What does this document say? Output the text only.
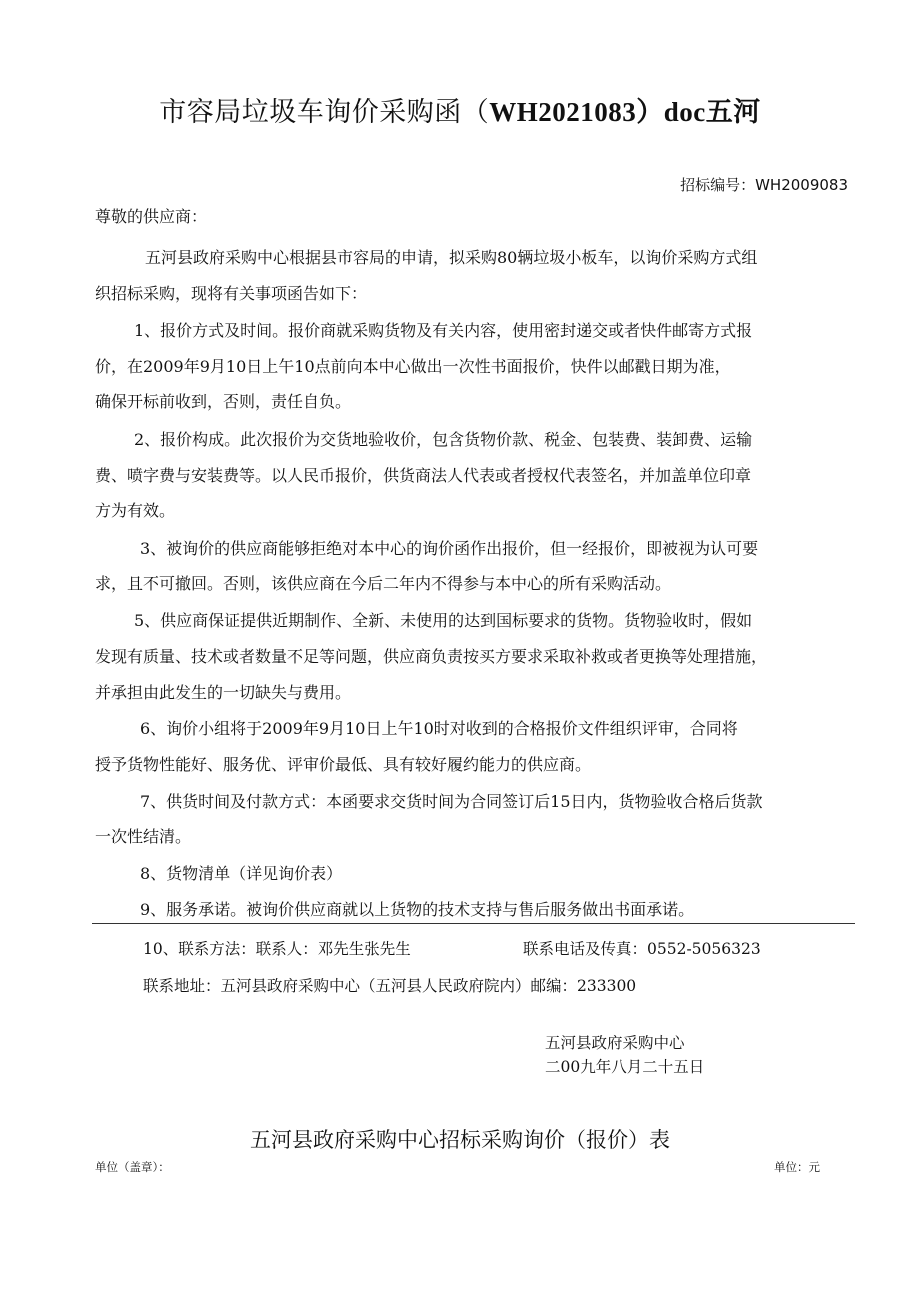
市容局垃圾车询价采购函（WH2021083）doc五河
招标编号：WH2009083
尊敬的供应商：
五河县政府采购中心根据县市容局的申请，拟采购80辆垃圾小板车，以询价采购方式组
织招标采购，现将有关事项函告如下：
1、报价方式及时间。报价商就采购货物及有关内容，使用密封递交或者快件邮寄方式报
价，在2009年9月10日上午10点前向本中心做出一次性书面报价，快件以邮戳日期为准，
确保开标前收到，否则，责任自负。
2、报价构成。此次报价为交货地验收价，包含货物价款、税金、包装费、装卸费、运输
费、喷字费与安装费等。以人民币报价，供货商法人代表或者授权代表签名，并加盖单位印章
方为有效。
3、被询价的供应商能够拒绝对本中心的询价函作出报价，但一经报价，即被视为认可要
求，且不可撤回。否则，该供应商在今后二年内不得参与本中心的所有采购活动。
5、供应商保证提供近期制作、全新、未使用的达到国标要求的货物。货物验收时，假如
发现有质量、技术或者数量不足等问题，供应商负责按买方要求采取补救或者更换等处理措施，
并承担由此发生的一切缺失与费用。
6、询价小组将于2009年9月10日上午10时对收到的合格报价文件组织评审，合同将
授予货物性能好、服务优、评审价最低、具有较好履约能力的供应商。
7、供货时间及付款方式：本函要求交货时间为合同签订后15日内，货物验收合格后货款
一次性结清。
8、货物清单（详见询价表）
9、服务承诺。被询价供应商就以上货物的技术支持与售后服务做出书面承诺。
10、联系方法：联系人：邓先生张先生	联系电话及传真：0552-5056323
联系地址：五河县政府采购中心（五河县人民政府院内）邮编：233300
五河县政府采购中心
二00九年八月二十五日
五河县政府采购中心招标采购询价（报价）表
单位（盖章）：	单位：元
